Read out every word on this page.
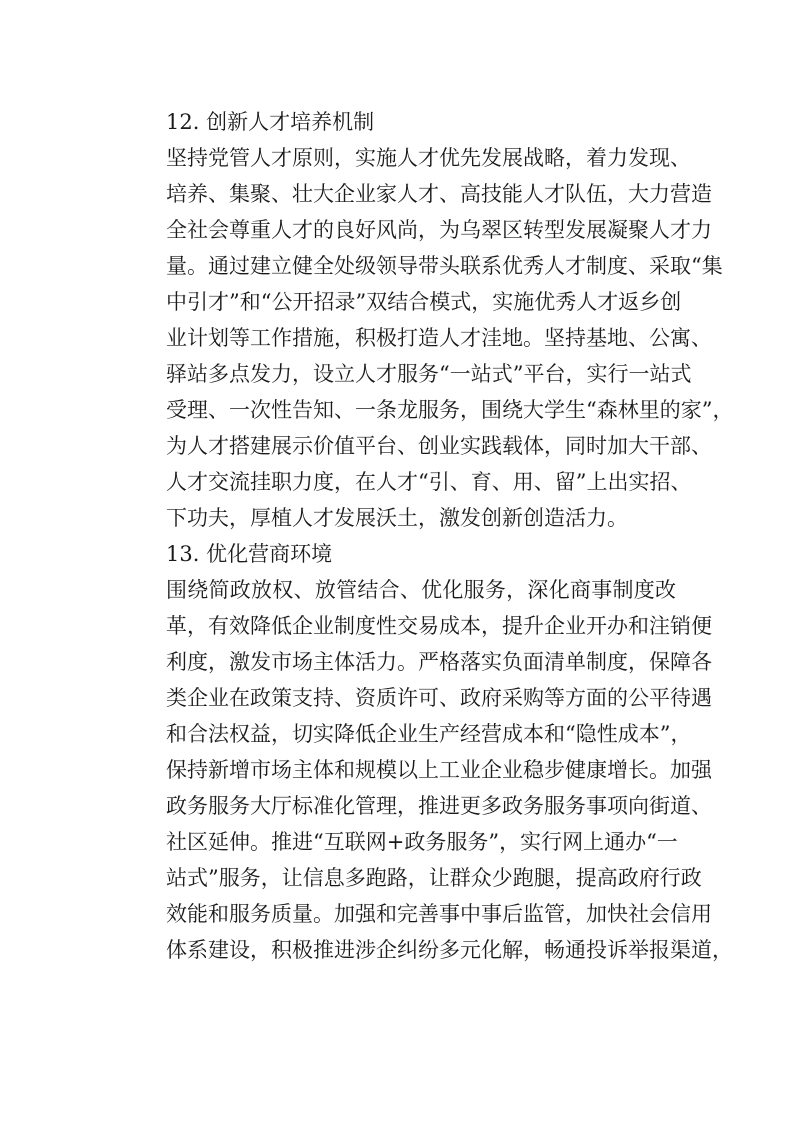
12. 创新人才培养机制
坚持党管人才原则，实施人才优先发展战略，着力发现、
培养、集聚、壮大企业家人才、高技能人才队伍，大力营造
全社会尊重人才的良好风尚，为乌翠区转型发展凝聚人才力
量。通过建立健全处级领导带头联系优秀人才制度、采取“集
中引才”和“公开招录”双结合模式，实施优秀人才返乡创
业计划等工作措施，积极打造人才洼地。坚持基地、公寓、
驿站多点发力，设立人才服务“一站式”平台，实行一站式
受理、一次性告知、一条龙服务，围绕大学生“森林里的家”，
为人才搭建展示价值平台、创业实践载体，同时加大干部、
人才交流挂职力度，在人才“引、育、用、留”上出实招、
下功夫，厚植人才发展沃土，激发创新创造活力。
13. 优化营商环境
围绕简政放权、放管结合、优化服务，深化商事制度改
革，有效降低企业制度性交易成本，提升企业开办和注销便
利度，激发市场主体活力。严格落实负面清单制度，保障各
类企业在政策支持、资质许可、政府采购等方面的公平待遇
和合法权益，切实降低企业生产经营成本和“隐性成本”，
保持新增市场主体和规模以上工业企业稳步健康增长。加强
政务服务大厅标准化管理，推进更多政务服务事项向街道、
社区延伸。推进“互联网+政务服务”，实行网上通办“一
站式”服务，让信息多跑路，让群众少跑腿，提高政府行政
效能和服务质量。加强和完善事中事后监管，加快社会信用
体系建设，积极推进涉企纠纷多元化解，畅通投诉举报渠道，
